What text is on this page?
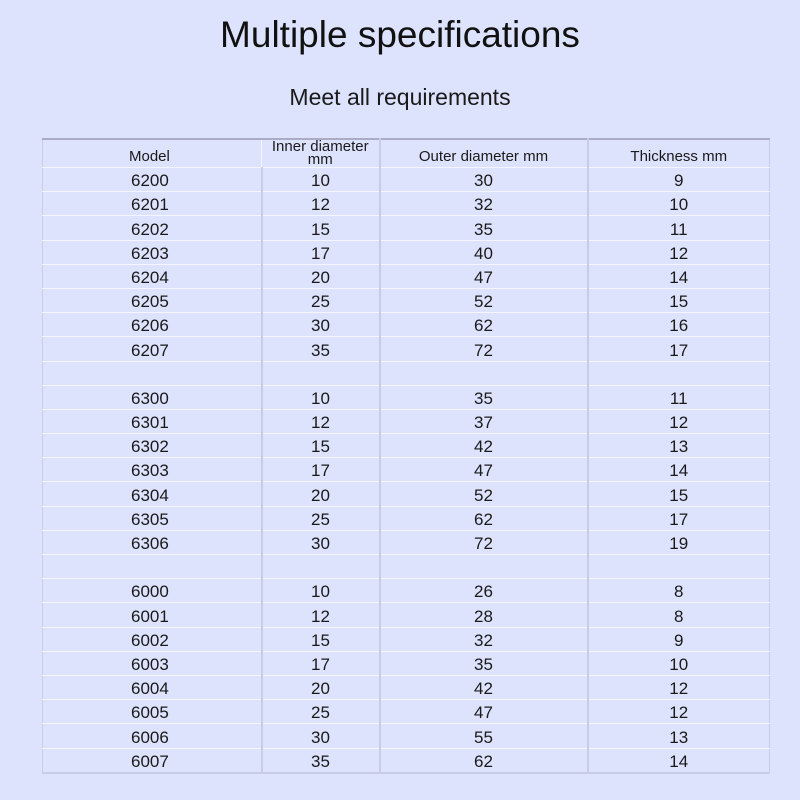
Multiple specifications
Meet all requirements
Model	Inner diameter mm	Outer diameter mm	Thickness mm
6200	10	30	9
6201	12	32	10
6202	15	35	11
6203	17	40	12
6204	20	47	14
6205	25	52	15
6206	30	62	16
6207	35	72	17

6300	10	35	11
6301	12	37	12
6302	15	42	13
6303	17	47	14
6304	20	52	15
6305	25	62	17
6306	30	72	19

6000	10	26	8
6001	12	28	8
6002	15	32	9
6003	17	35	10
6004	20	42	12
6005	25	47	12
6006	30	55	13
6007	35	62	14
